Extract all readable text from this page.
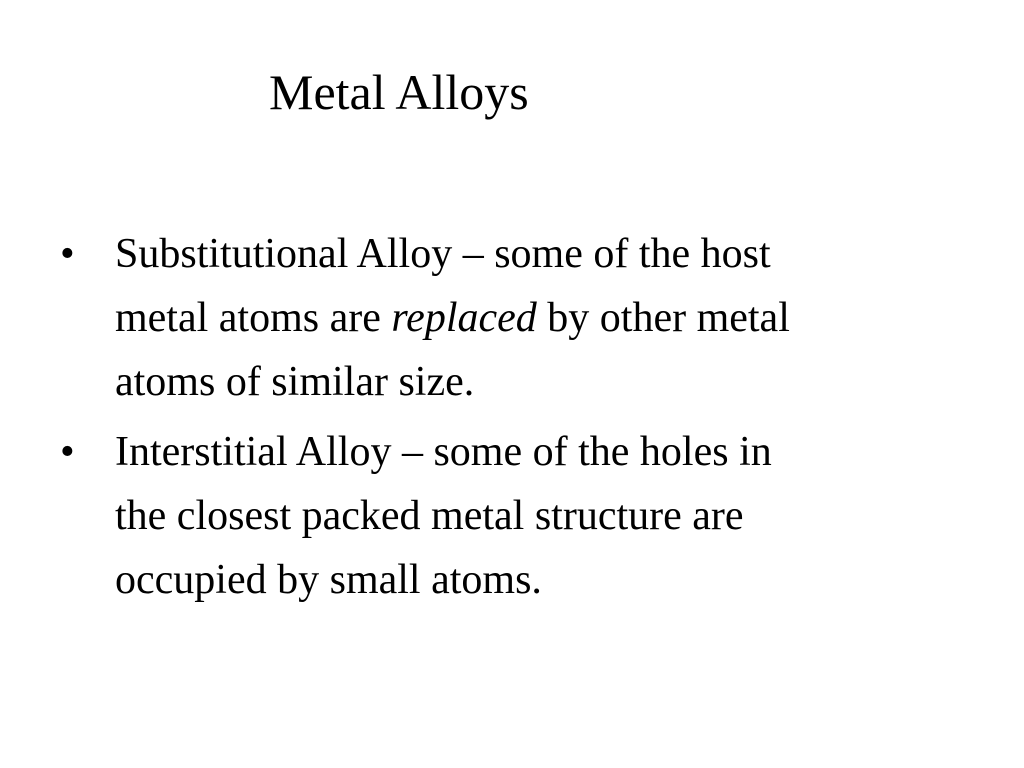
Metal Alloys
• Substitutional Alloy – some of the host
metal atoms are replaced by other metal
atoms of similar size.
• Interstitial Alloy – some of the holes in
the closest packed metal structure are
occupied by small atoms.
